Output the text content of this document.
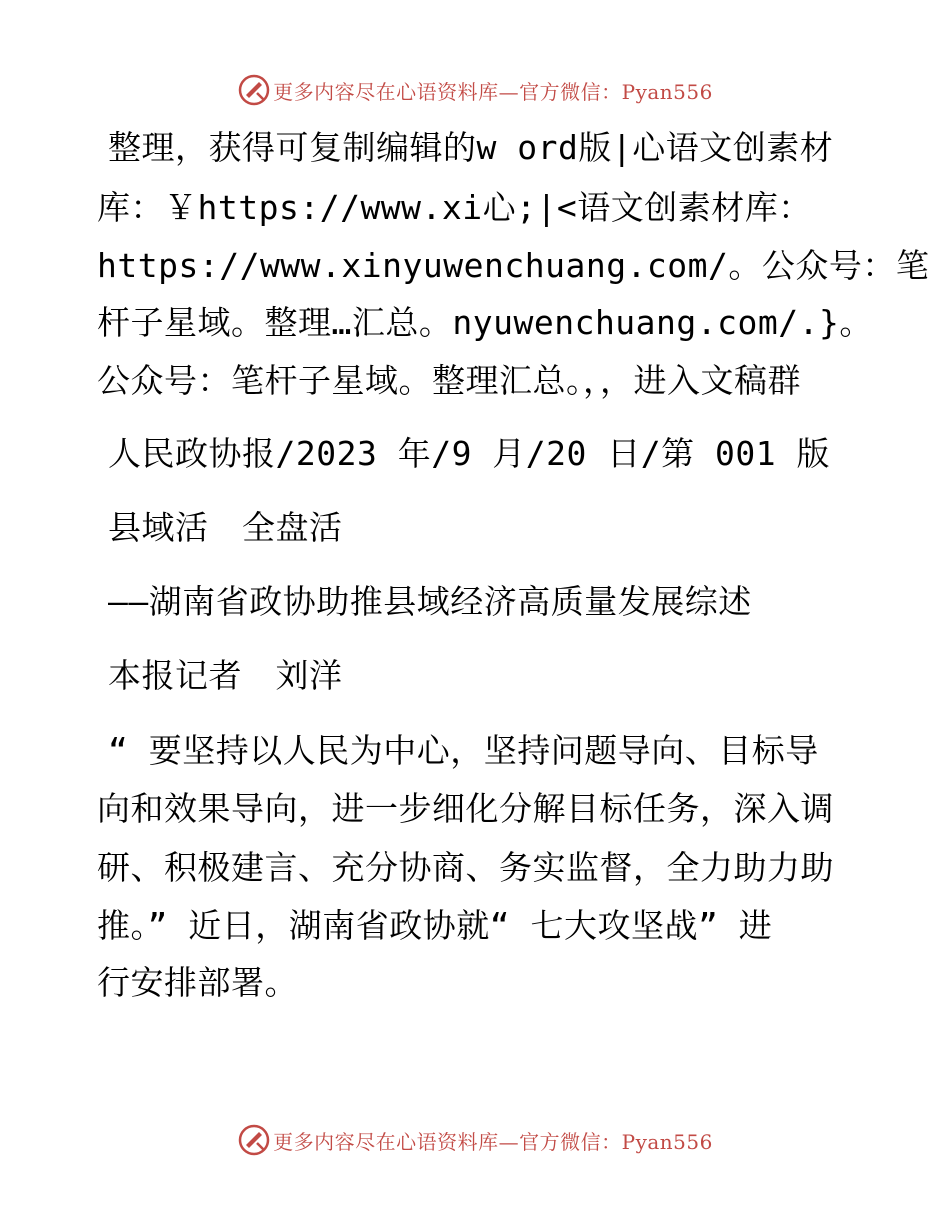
更多内容尽在心语资料库—官方微信：Pyan556
整理，获得可复制编辑的w ord版|心语文创素材
库：￥https://www.xi心;|<语文创素材库：
https://www.xinyuwenchuang.com/。公众号：笔
杆子星域。整理…汇总。nyuwenchuang.com/.}。
公众号：笔杆子星域。整理汇总。，，进入文稿群
人民政协报/2023 年/9 月/20 日/第 001 版
县域活　全盘活
——湖南省政协助推县域经济高质量发展综述
本报记者　刘洋
“ 要坚持以人民为中心，坚持问题导向、目标导
向和效果导向，进一步细化分解目标任务，深入调
研、积极建言、充分协商、务实监督，全力助力助
推。” 近日，湖南省政协就“ 七大攻坚战” 进
行安排部署。
更多内容尽在心语资料库—官方微信：Pyan556
